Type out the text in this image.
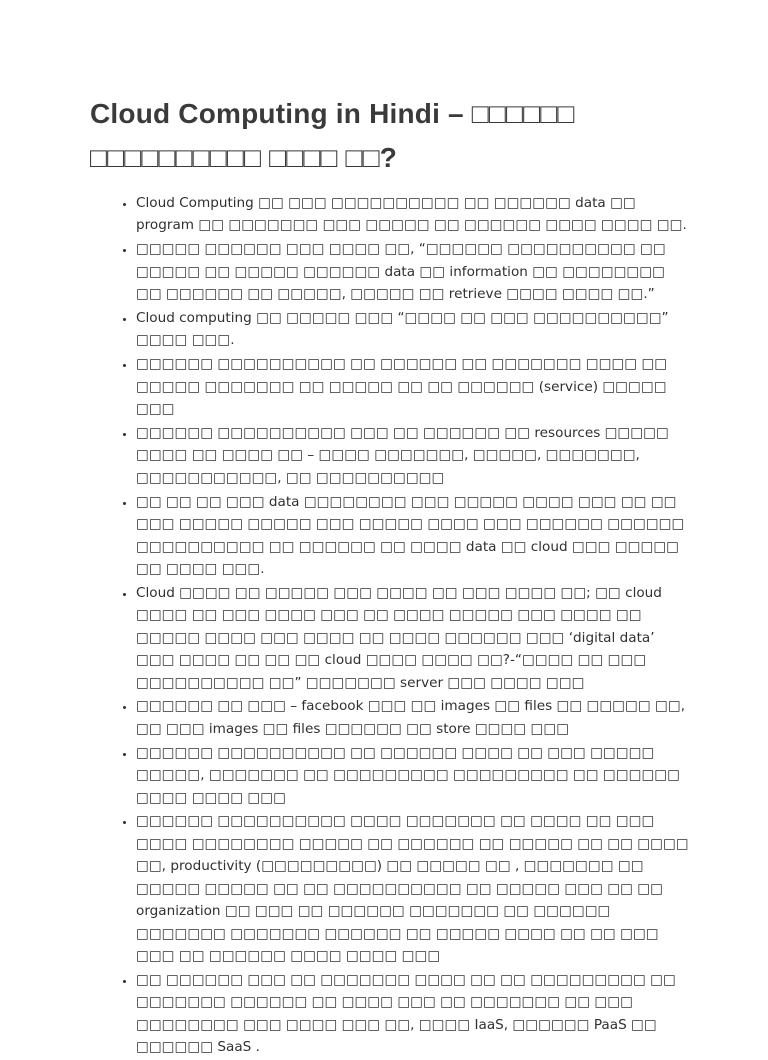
Cloud Computing in Hindi – □□□□□□ □□□□□□□□□□ □□□□ □□?
• Cloud Computing □□ □□□ □□□□□□□□□□ □□ □□□□□□ data □□ program □□ □□□□□□□ □□□ □□□□□ □□ □□□□□□ □□□□ □□□□ □□.
• □□□□□ □□□□□□ □□□ □□□□ □□, “□□□□□□ □□□□□□□□□□ □□ □□□□□ □□ □□□□□ □□□□□□ data □□ information □□ □□□□□□□□ □□ □□□□□□ □□ □□□□□, □□□□□ □□ retrieve □□□□ □□□□ □□.”
• Cloud computing □□ □□□□□ □□□ “□□□□ □□ □□□ □□□□□□□□□□” □□□□ □□□.
• □□□□□□ □□□□□□□□□□ □□ □□□□□□ □□ □□□□□□□ □□□□ □□ □□□□□ □□□□□□□ □□ □□□□□ □□ □□ □□□□□□ (service) □□□□□ □□□
• □□□□□□ □□□□□□□□□□ □□□ □□ □□□□□□ □□ resources □□□□□ □□□□ □□ □□□□ □□ – □□□□ □□□□□□□, □□□□□, □□□□□□□, □□□□□□□□□□□, □□ □□□□□□□□□□
• □□ □□ □□ □□□ data □□□□□□□□ □□□ □□□□□ □□□□ □□□ □□ □□ □□□ □□□□□ □□□□□ □□□ □□□□□ □□□□ □□□ □□□□□□ □□□□□□ □□□□□□□□□□ □□ □□□□□□ □□ □□□□ data □□ cloud □□□ □□□□□ □□ □□□□ □□□.
• Cloud □□□□ □□ □□□□□ □□□ □□□□ □□ □□□ □□□□ □□; □□ cloud □□□□ □□ □□□ □□□□ □□□ □□ □□□□ □□□□□ □□□ □□□□ □□ □□□□□ □□□□ □□□ □□□□ □□ □□□□ □□□□□□ □□□ ‘digital data’ □□□ □□□□ □□ □□ □□ cloud □□□□ □□□□ □□?-“□□□□ □□ □□□ □□□□□□□□□□ □□” □□□□□□□ server □□□ □□□□ □□□
• □□□□□□ □□ □□□ – facebook □□□ □□ images □□ files □□ □□□□□ □□, □□ □□□ images □□ files □□□□□□ □□ store □□□□ □□□
• □□□□□□ □□□□□□□□□□ □□ □□□□□□ □□□□ □□ □□□ □□□□□ □□□□□, □□□□□□□ □□ □□□□□□□□□ □□□□□□□□□ □□ □□□□□□ □□□□ □□□□ □□□
• □□□□□□ □□□□□□□□□□ □□□□ □□□□□□□ □□ □□□□ □□ □□□ □□□□ □□□□□□□□ □□□□□ □□ □□□□□□ □□ □□□□□ □□ □□ □□□□ □□, productivity (□□□□□□□□□) □□ □□□□□ □□ , □□□□□□□ □□ □□□□□ □□□□□ □□ □□ □□□□□□□□□□ □□ □□□□□ □□□ □□ □□ organization □□ □□□ □□ □□□□□□ □□□□□□□ □□ □□□□□□ □□□□□□□ □□□□□□□ □□□□□□ □□ □□□□□ □□□□ □□ □□ □□□ □□□ □□ □□□□□□ □□□□ □□□□ □□□
• □□ □□□□□□ □□□ □□ □□□□□□□ □□□□ □□ □□ □□□□□□□□□ □□ □□□□□□□ □□□□□□ □□ □□□□ □□□ □□ □□□□□□□ □□ □□□ □□□□□□□□ □□□ □□□□ □□□ □□, □□□□ IaaS, □□□□□□ PaaS □□ □□□□□□ SaaS .
